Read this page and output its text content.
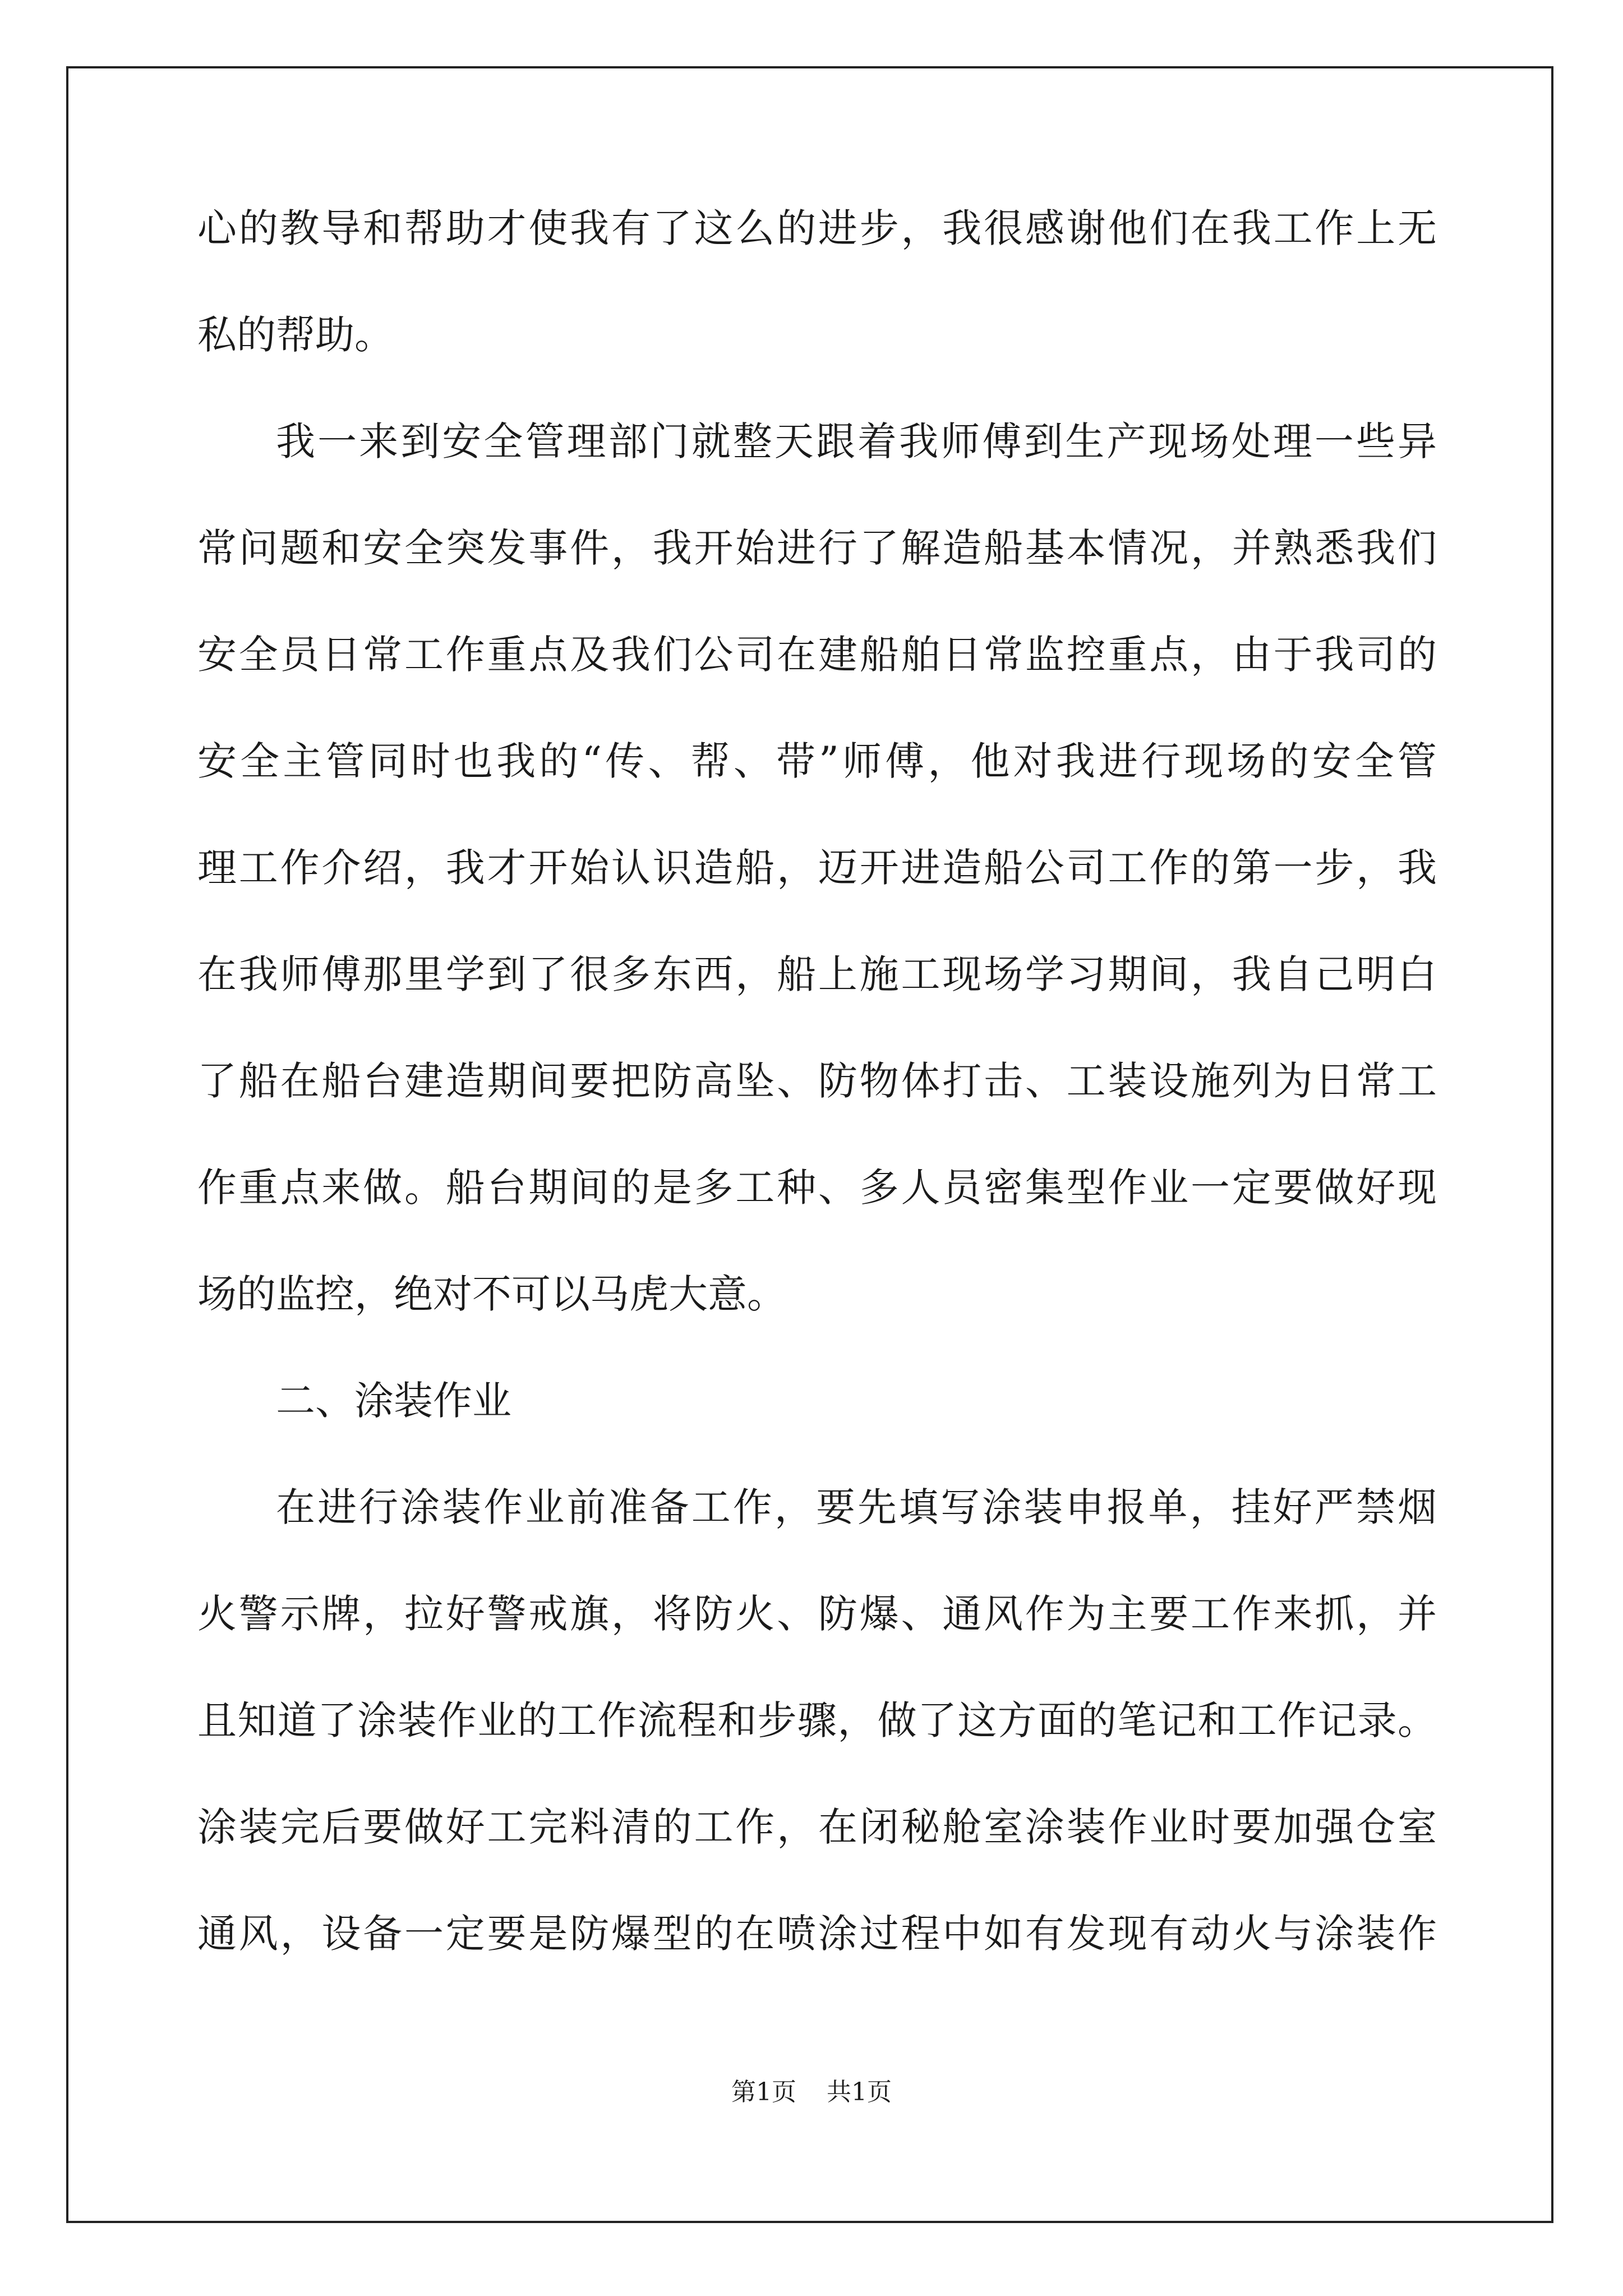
心的教导和帮助才使我有了这么的进步，我很感谢他们在我工作上无
私的帮助。
我一来到安全管理部门就整天跟着我师傅到生产现场处理一些异
常问题和安全突发事件，我开始进行了解造船基本情况，并熟悉我们
安全员日常工作重点及我们公司在建船舶日常监控重点，由于我司的
安全主管同时也我的“传、帮、带”师傅，他对我进行现场的安全管
理工作介绍，我才开始认识造船，迈开进造船公司工作的第一步，我
在我师傅那里学到了很多东西，船上施工现场学习期间，我自己明白
了船在船台建造期间要把防高坠、防物体打击、工装设施列为日常工
作重点来做。船台期间的是多工种、多人员密集型作业一定要做好现
场的监控，绝对不可以马虎大意。
二、涂装作业
在进行涂装作业前准备工作，要先填写涂装申报单，挂好严禁烟
火警示牌，拉好警戒旗，将防火、防爆、通风作为主要工作来抓，并
且知道了涂装作业的工作流程和步骤，做了这方面的笔记和工作记录。
涂装完后要做好工完料清的工作，在闭秘舱室涂装作业时要加强仓室
通风，设备一定要是防爆型的在喷涂过程中如有发现有动火与涂装作
第1页 共1页
